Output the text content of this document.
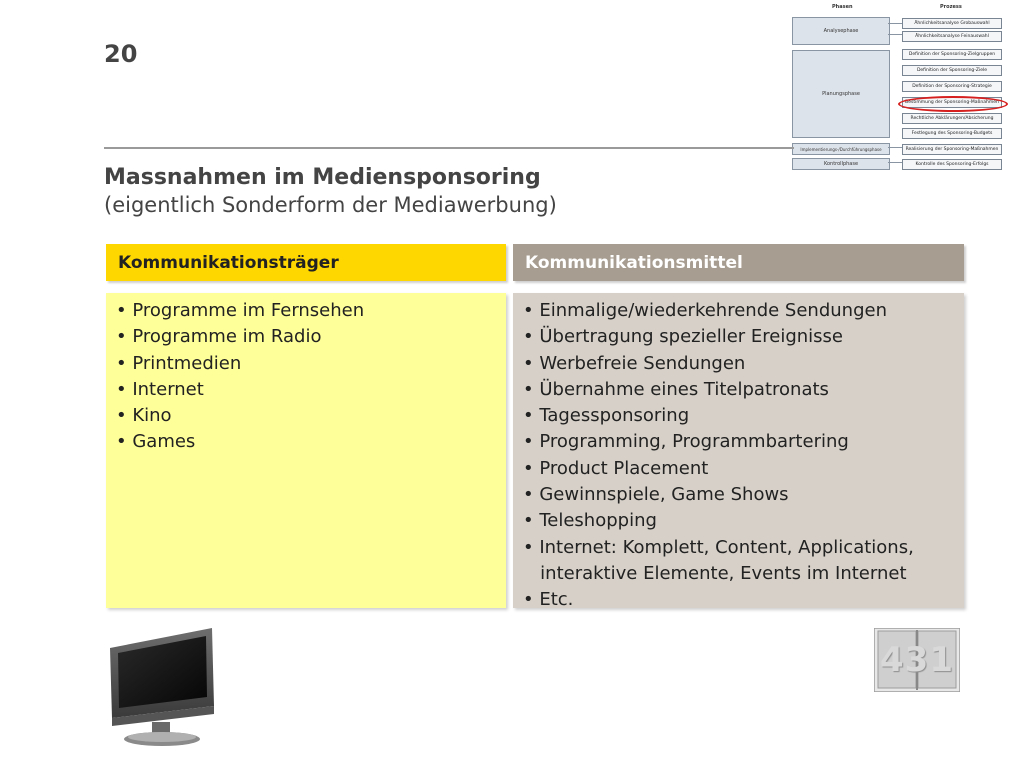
20
Phasen	Prozess
Analysephase
Planungsphase
Implementierungs-/Durchführungsphase
Kontrollphase
Ähnlichkeitsanalyse Grobauswahl
Ähnlichkeitsanalyse Feinauswahl
Definition der Sponsoring-Zielgruppen
Definition der Sponsoring-Ziele
Definition der Sponsoring-Strategie
Bestimmung der Sponsoring-Maßnahmen
Rechtliche Abklärungen/Absicherung
Festlegung des Sponsoring-Budgets
Realisierung der Sponsoring-Maßnahmen
Kontrolle des Sponsoring-Erfolgs
Massnahmen im Mediensponsoring
(eigentlich Sonderform der Mediawerbung)
Kommunikationsträger	Kommunikationsmittel
• Programme im Fernsehen
• Programme im Radio
• Printmedien
• Internet
• Kino
• Games
• Einmalige/wiederkehrende Sendungen
• Übertragung spezieller Ereignisse
• Werbefreie Sendungen
• Übernahme eines Titelpatronats
• Tagessponsoring
• Programming, Programmbartering
• Product Placement
• Gewinnspiele, Game Shows
• Teleshopping
• Internet: Komplett, Content, Applications,
interaktive Elemente, Events im Internet
• Etc.
431
